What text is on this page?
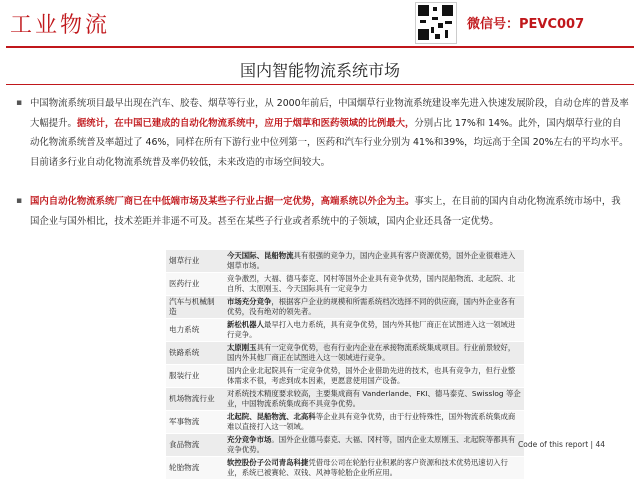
工业物流	微信号：PEVC007
国内智能物流系统市场
▪ 中国物流系统项目最早出现在汽车、胶卷、烟草等行业，从 2000年前后，中国烟草行业物流系统建设率先进入快速发展阶段，自动仓库的普及率大幅提升。据统计，在中国已建成的自动化物流系统中，应用于烟草和医药领域的比例最大，分别占比 17%和 14%。此外，国内烟草行业的自动化物流系统普及率超过了 46%，同样在所有下游行业中位列第一，医药和汽车行业分别为 41%和39%，均远高于全国 20%左右的平均水平。目前诸多行业自动化物流系统普及率仍较低，未来改造的市场空间较大。
▪ 国内自动化物流系统厂商已在中低端市场及某些子行业占据一定优势，高端系统以外企为主。事实上，在目前的国内自动化物流系统市场中，我国企业与国外相比，技术差距并非遥不可及。甚至在某些子行业或者系统中的子领域，国内企业还具备一定优势。
烟草行业	今天国际、昆船物流具有很强的竞争力，国内企业具有客户资源优势，国外企业很难进入烟草市场。
医药行业	竞争激烈，大福、德马泰克、冈村等国外企业具有竞争优势，国内昆船物流、北起院、北自所、太原刚玉、今天国际具有一定竞争力
汽车与机械制造	市场充分竞争，根据客户企业的规模和所需系统档次选择不同的供应商，国内外企业各有优势，没有绝对的领先者。
电力系统	新松机器人最早打入电力系统，具有竞争优势，国内外其他厂商正在试图进入这一领域进行竞争。
铁路系统	太原刚玉具有一定竞争优势，也有行业内企业在承接物流系统集成项目。行业前景较好，国内外其他厂商正在试图进入这一领域进行竞争。
服装行业	国内企业北起院具有一定竞争优势，国外企业借助先进的技术，也具有竞争力，但行业整体需求不很，考虑到成本因素，更愿意使用国产设备。
机场物流行业	对系统技术精度要求较高，主要集成商有 Vanderlande、FKI、德马泰克、Swisslog 等企业，中国物流系统集成商不具竞争优势。
军事物流	北起院、昆船物流、北高科等企业具有竞争优势，由于行业特殊性，国外物流系统集成商难以直接打入这一领域。
食品物流	充分竞争市场。国外企业德马泰克、大福、冈村等，国内企业太原刚玉、北起院等都具有竞争优势。
轮胎物流	软控股份子公司青岛科捷凭借母公司在轮胎行业积累的客户资源和技术优势迅速切入行业，系统已被赛轮、双钱、风神等轮胎企业所应用。
Code of this report | 44
